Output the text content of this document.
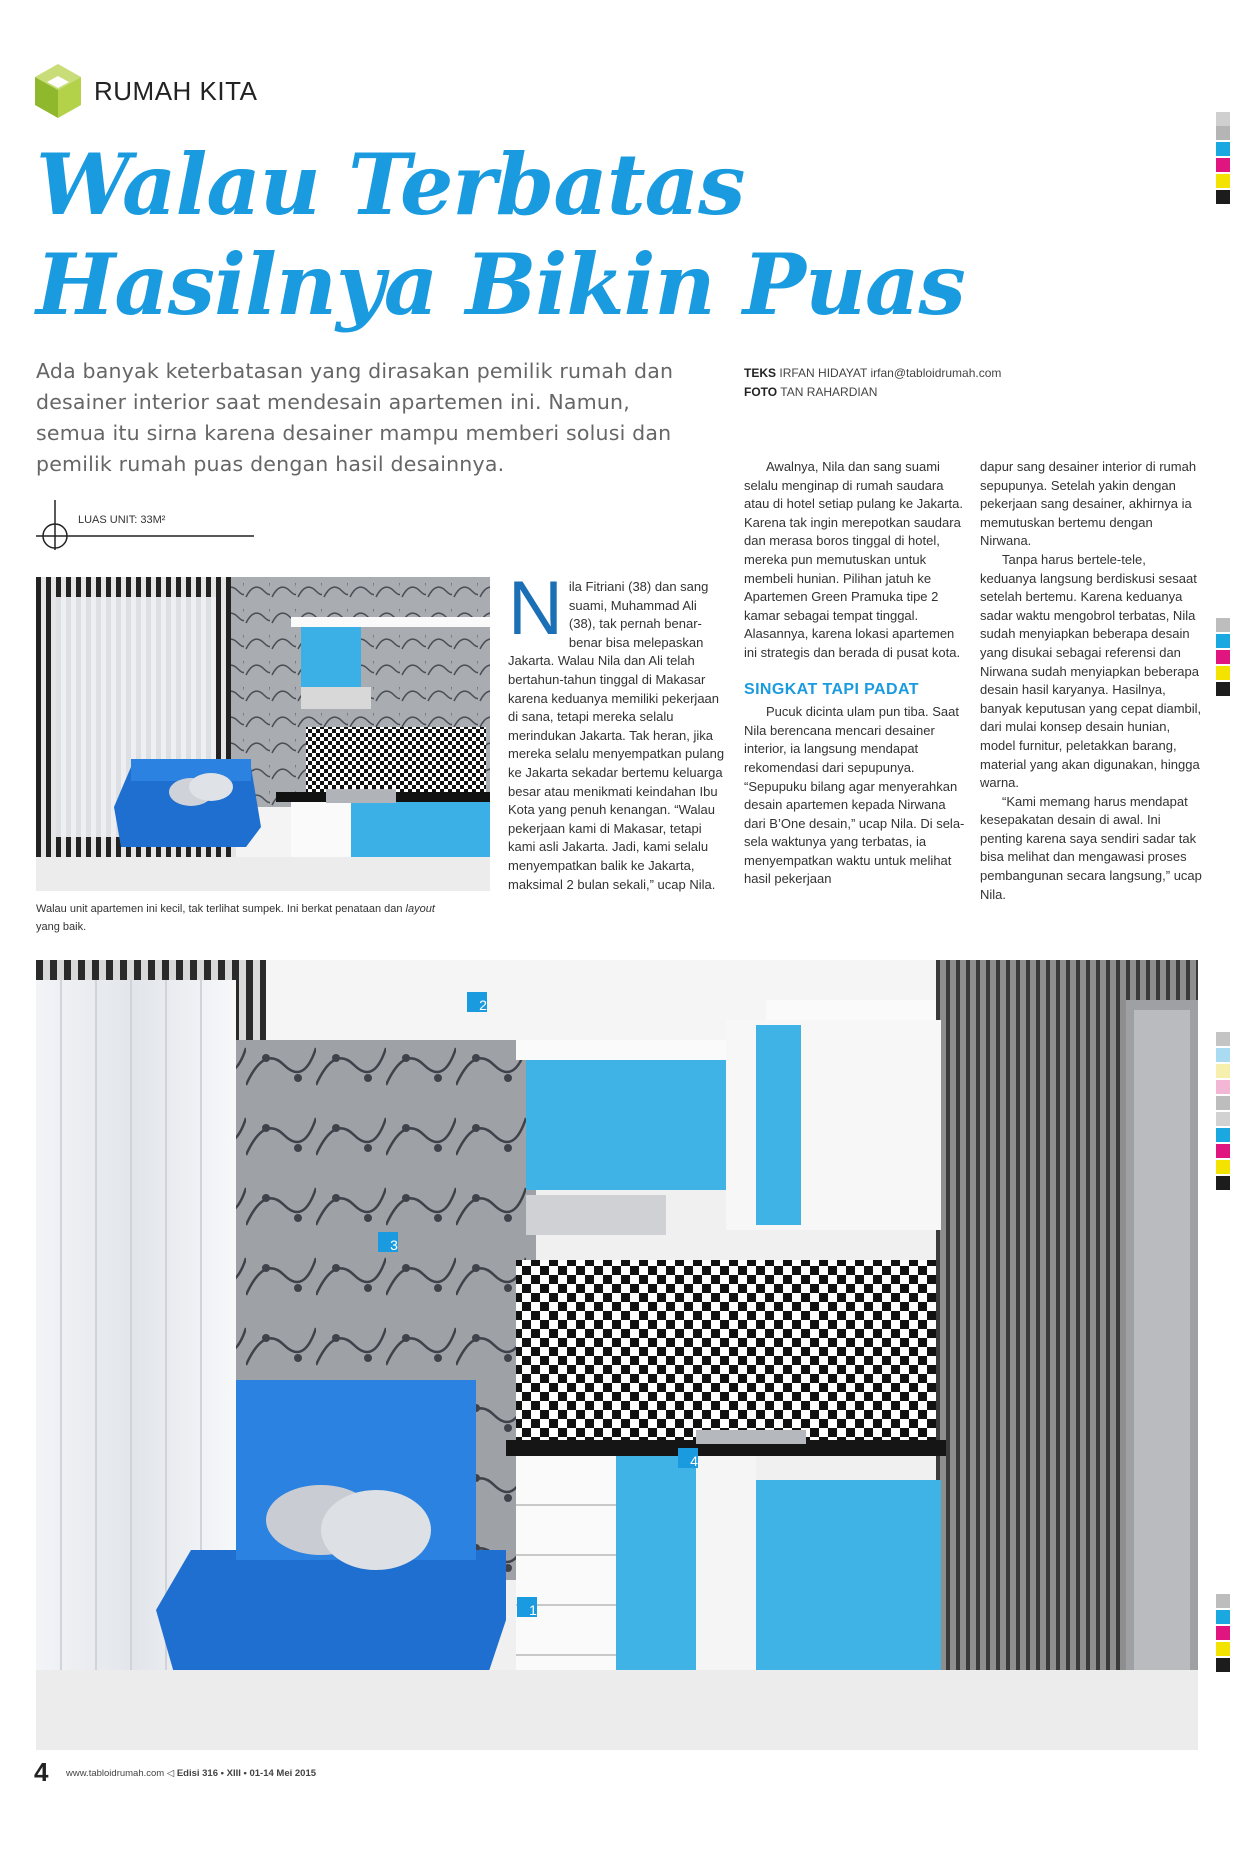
RUMAH KITA
Walau Terbatas
Hasilnya Bikin Puas
Ada banyak keterbatasan yang dirasakan pemilik rumah dan desainer interior saat mendesain apartemen ini. Namun, semua itu sirna karena desainer mampu memberi solusi dan pemilik rumah puas dengan hasil desainnya.
TEKS IRFAN HIDAYAT irfan@tabloidrumah.com
FOTO TAN RAHARDIAN
LUAS UNIT: 33M²
Walau unit apartemen ini kecil, tak terlihat sumpek. Ini berkat penataan dan layout yang baik.
N ila Fitriani (38) dan sang suami, Muhammad Ali (38), tak pernah benar-benar bisa melepaskan Jakarta. Walau Nila dan Ali telah bertahun-tahun tinggal di Makasar karena keduanya memiliki pekerjaan di sana, tetapi mereka selalu merindukan Jakarta. Tak heran, jika mereka selalu menyempatkan pulang ke Jakarta sekadar bertemu keluarga besar atau menikmati keindahan Ibu Kota yang penuh kenangan. “Walau pekerjaan kami di Makasar, tetapi kami asli Jakarta. Jadi, kami selalu menyempatkan balik ke Jakarta, maksimal 2 bulan sekali,” ucap Nila.

Awalnya, Nila dan sang suami selalu menginap di rumah saudara atau di hotel setiap pulang ke Jakarta. Karena tak ingin merepotkan saudara dan merasa boros tinggal di hotel, mereka pun memutuskan untuk membeli hunian. Pilihan jatuh ke Apartemen Green Pramuka tipe 2 kamar sebagai tempat tinggal. Alasannya, karena lokasi apartemen ini strategis dan berada di pusat kota.

SINGKAT TAPI PADAT

Pucuk dicinta ulam pun tiba. Saat Nila berencana mencari desainer interior, ia langsung mendapat rekomendasi dari sepupunya. “Sepupuku bilang agar menyerahkan desain apartemen kepada Nirwana dari B’One desain,” ucap Nila. Di sela-sela waktunya yang terbatas, ia menyempatkan waktu untuk melihat hasil pekerjaan

dapur sang desainer interior di rumah sepupunya. Setelah yakin dengan pekerjaan sang desainer, akhirnya ia memutuskan bertemu dengan Nirwana.

Tanpa harus bertele-tele, keduanya langsung berdiskusi sesaat setelah bertemu. Karena keduanya sadar waktu mengobrol terbatas, Nila sudah menyiapkan beberapa desain yang disukai sebagai referensi dan Nirwana sudah menyiapkan beberapa desain hasil karyanya. Hasilnya, banyak keputusan yang cepat diambil, dari mulai konsep desain hunian, model furnitur, peletakkan barang, material yang akan digunakan, hingga warna.

“Kami memang harus mendapat kesepakatan desain di awal. Ini penting karena saya sendiri sadar tak bisa melihat dan mengawasi proses pembangunan secara langsung,” ucap Nila.

2
3
4
1
4 www.tabloidrumah.com ◁ Edisi 316 • XIII • 01-14 Mei 2015
